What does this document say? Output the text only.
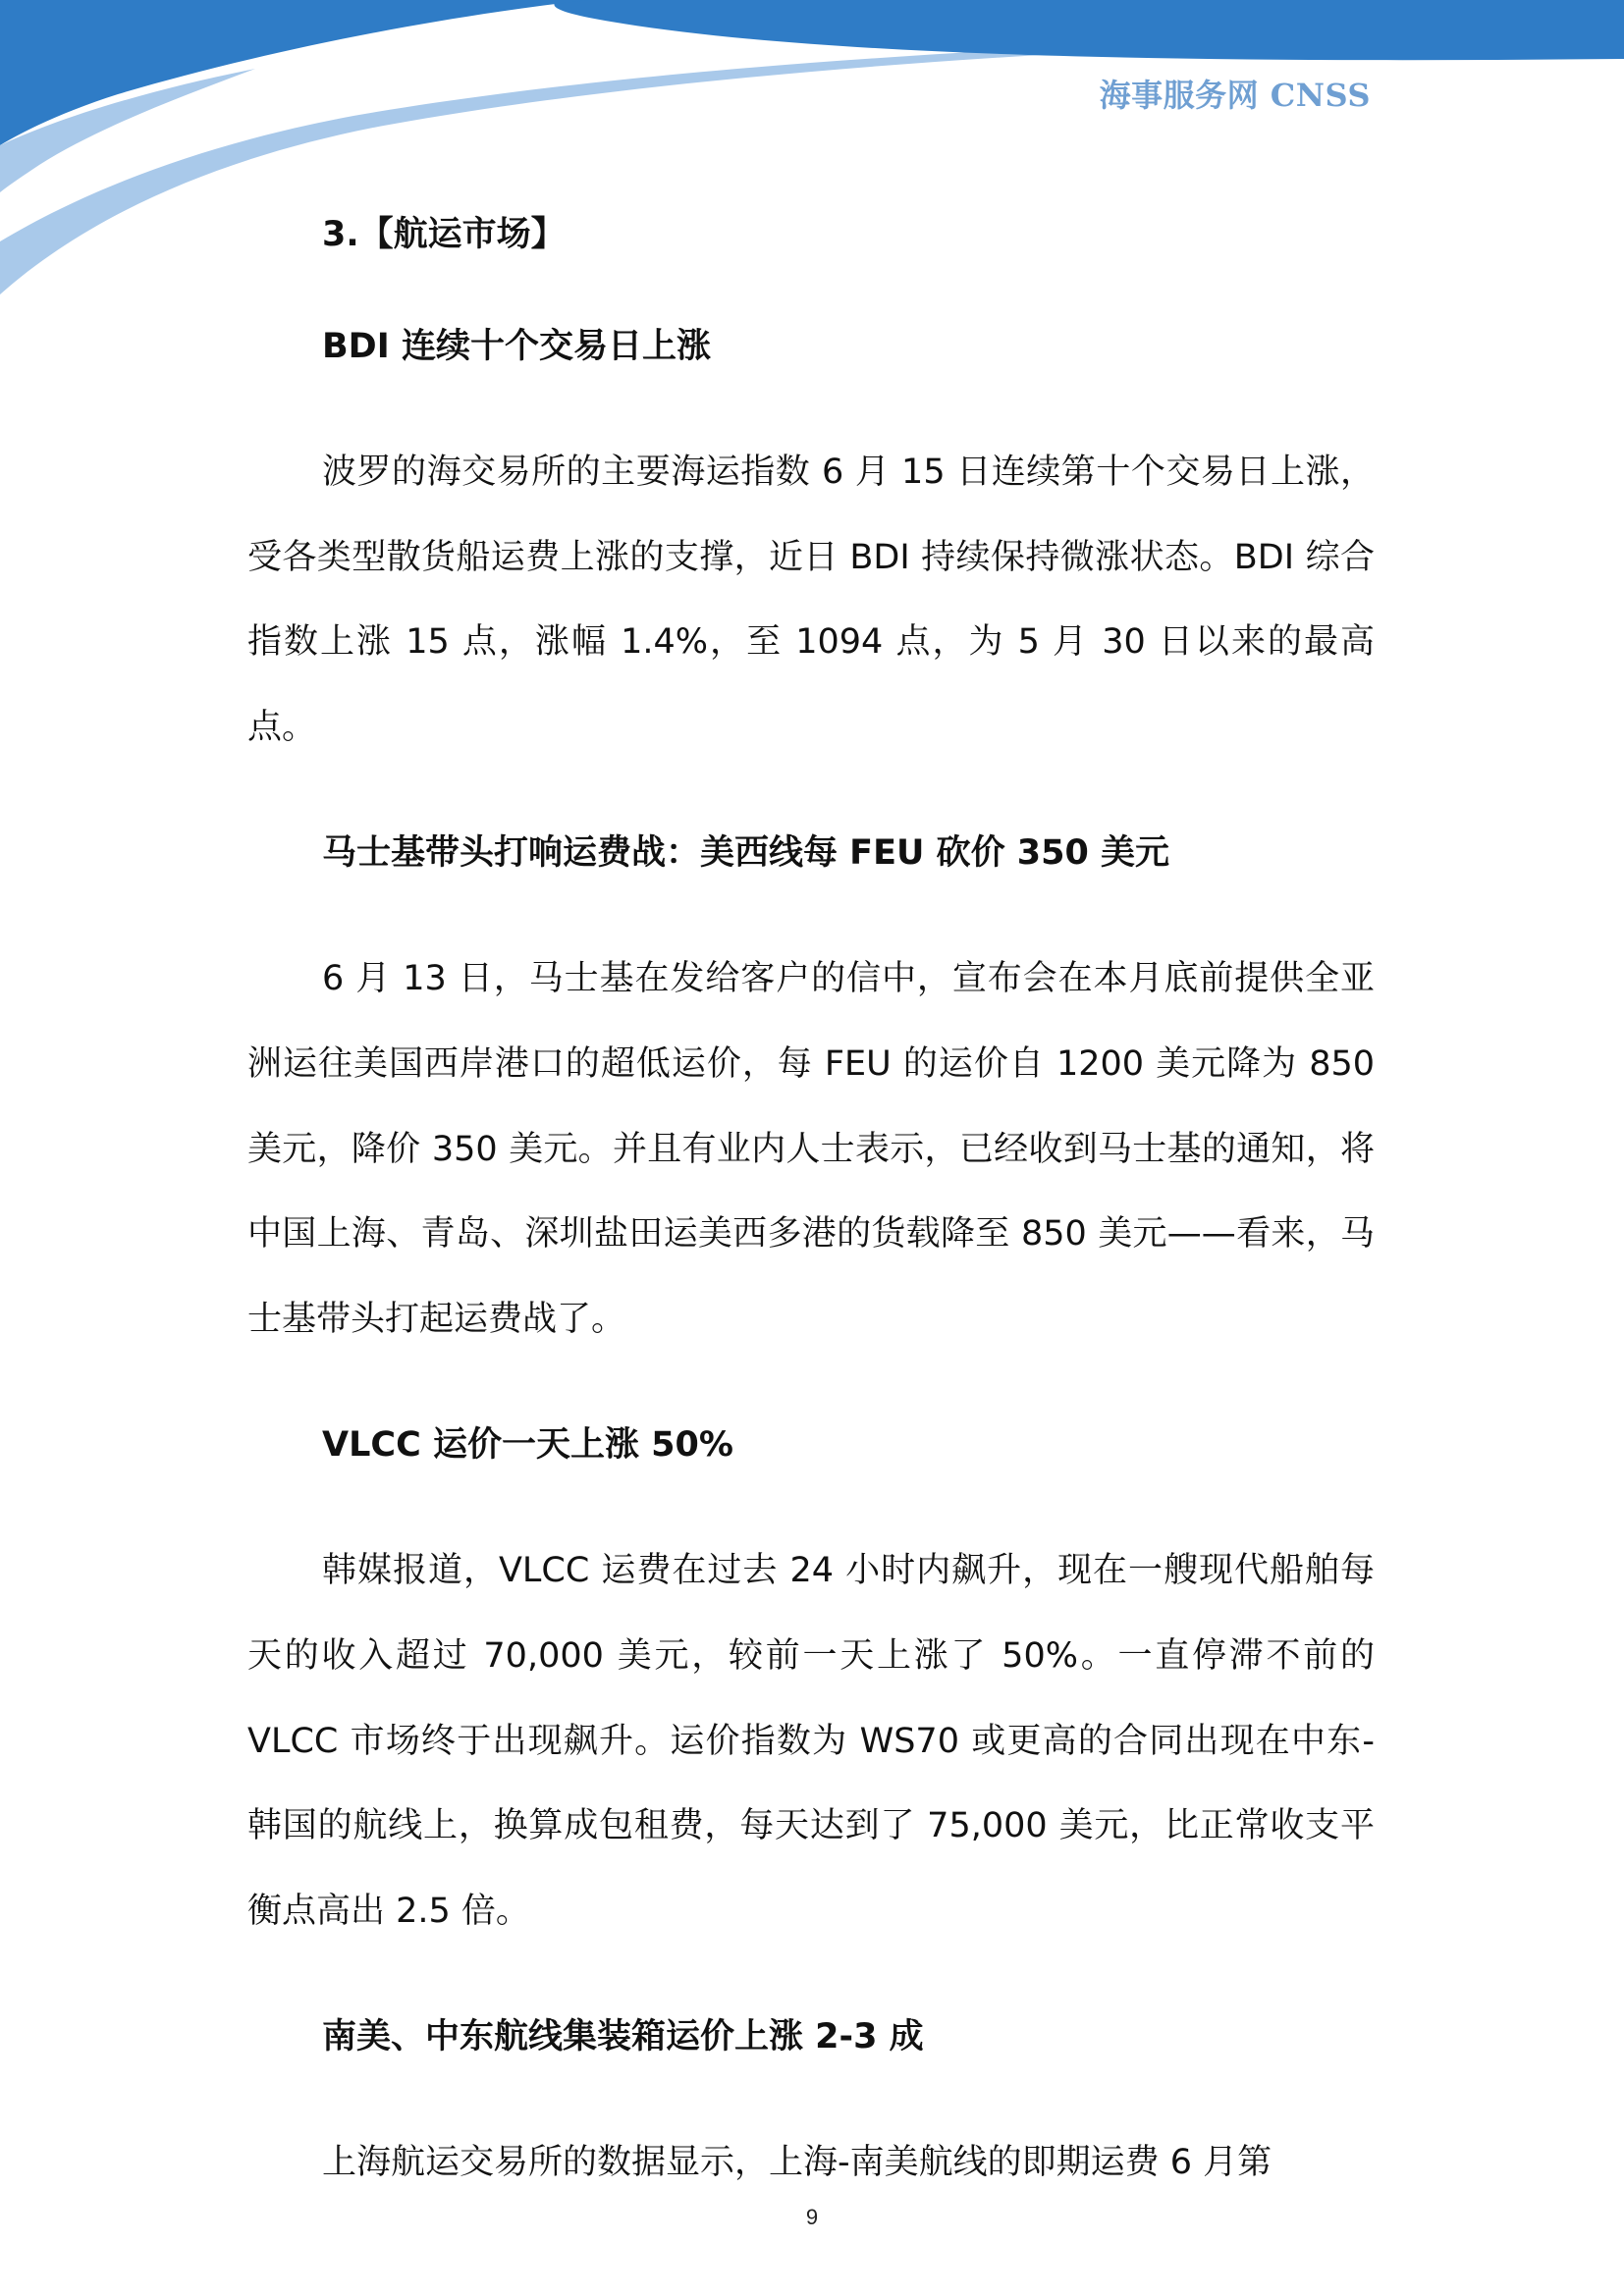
海事服务网 CNSS
3.【航运市场】
BDI 连续十个交易日上涨
波罗的海交易所的主要海运指数 6 月 15 日连续第十个交易日上涨，受各类型散货船运费上涨的支撑，近日 BDI 持续保持微涨状态。BDI 综合指数上涨 15 点，涨幅 1.4%，至 1094 点，为 5 月 30 日以来的最高点。
马士基带头打响运费战：美西线每 FEU 砍价 350 美元
6 月 13 日，马士基在发给客户的信中，宣布会在本月底前提供全亚洲运往美国西岸港口的超低运价，每 FEU 的运价自 1200 美元降为 850 美元，降价 350 美元。并且有业内人士表示，已经收到马士基的通知，将中国上海、青岛、深圳盐田运美西多港的货载降至 850 美元——看来，马士基带头打起运费战了。
VLCC 运价一天上涨 50%
韩媒报道，VLCC 运费在过去 24 小时内飙升，现在一艘现代船舶每天的收入超过 70,000 美元，较前一天上涨了 50%。一直停滞不前的 VLCC 市场终于出现飙升。运价指数为 WS70 或更高的合同出现在中东-韩国的航线上，换算成包租费，每天达到了 75,000 美元，比正常收支平衡点高出 2.5 倍。
南美、中东航线集装箱运价上涨 2-3 成
上海航运交易所的数据显示，上海-南美航线的即期运费 6 月第
9
